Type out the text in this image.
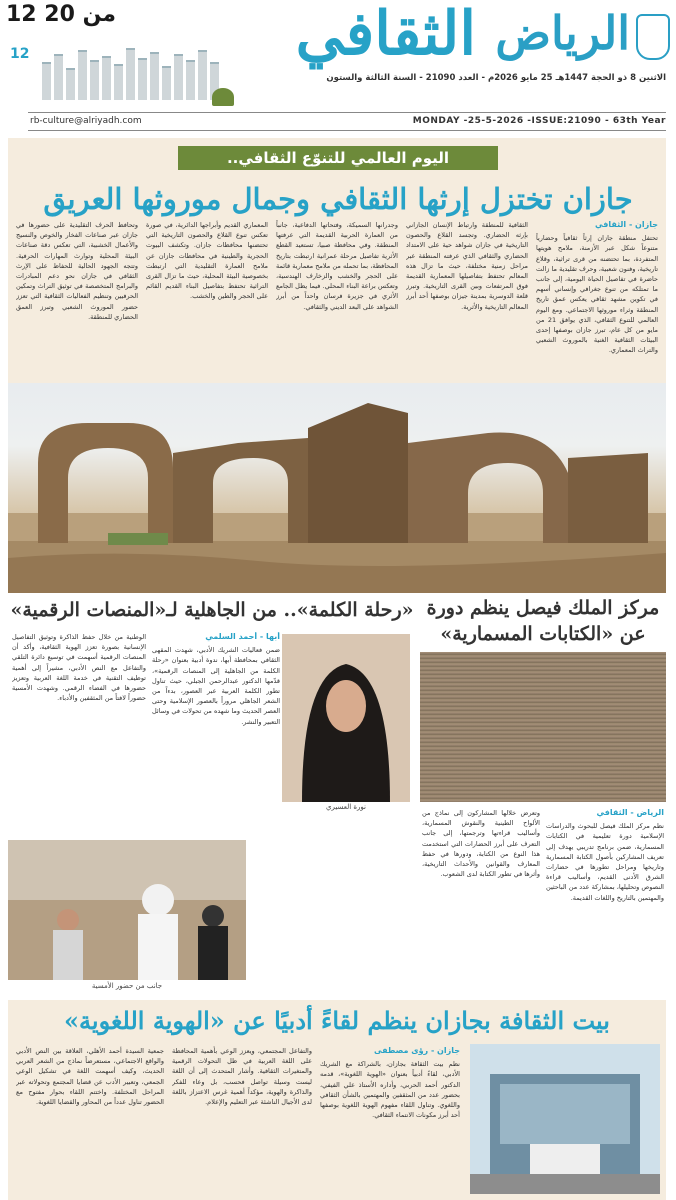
12 من 20
12	الثقافي الرياض
الاثنين 8 ذو الحجة 1447هـ 25 مايو 2026م - العدد 21090 - السنة الثالثة والستون
MONDAY -25-5-2026 -ISSUE:21090 - 63th Year
rb-culture@alriyadh.com
اليوم العالمي للتنوّع الثقافي..
جازان تختزل إرثها الثقافي وجمال موروثها العريق
جازان - الثقافي
تحتفل منطقة جازان إرثاً ثقافياً وحضارياً متنوعاً شكل عبر الأزمنة، ملامح هويتها المتفردة، بما تحتضنه من قرى تراثية، وقلاع تاريخية، وفنون شعبية، وحرف تقليدية ما زالت حاضرة في تفاصيل الحياة اليومية، إلى جانب ما تمتلكه من تنوع جغرافي وإنساني أسهم في تكوين مشهد ثقافي يعكس عمق تاريخ المنطقة وثراء موروثها الاجتماعي. ومع اليوم العالمي للتنوع الثقافي، الذي يوافق 21 من مايو من كل عام، تبرز جازان بوصفها إحدى البيئات الثقافية الغنية بالموروث الشعبي والتراث المعماري.
الثقافية للمنطقة وارتباط الإنسان الجازاني بإرثه الحضاري. وتجسد القلاع والحصون التاريخية في جازان شواهد حية على الامتداد الحضاري والثقافي الذي عرفته المنطقة عبر مراحل زمنية مختلفة، حيث ما تزال هذه المعالم تحتفظ بتفاصيلها المعمارية القديمة فوق المرتفعات وبين القرى التاريخية. وتبرز قلعة الدوسرية بمدينة جيزان بوصفها أحد أبرز المعالم التاريخية والأثرية.
وجدرانها السميكة، وفتحاتها الدفاعية، جانباً من العمارة الحربية القديمة التي عرفتها المنطقة. وفي محافظة صبيا، تستعيد القطع الأثرية تفاصيل مرحلة عمرانية ارتبطت بتاريخ المحافظة، بما تحمله من ملامح معمارية قائمة على الحجر والخشب والزخارف الهندسية، وتعكس براعة البناء المحلي. فيما يظل الجامع الأثري في جزيرة فرسان واحداً من أبرز الشواهد على البعد الديني والثقافي.
المعماري القديم وأبراجها الدائرية، في صورة تعكس تنوع القلاع والحصون التاريخية التي تحتضنها محافظات جازان. وتكشف البيوت الحجرية والطينية في محافظات جازان عن ملامح العمارة التقليدية التي ارتبطت بخصوصية البيئة المحلية، حيث ما تزال القرى التراثية تحتفظ بتفاصيل البناء القديم القائم على الحجر والطين والخشب.
وتحافظ الحرف التقليدية على حضورها في جازان عبر صناعات الفخار والخوص والنسيج والأعمال الخشبية، التي تعكس دقة صناعات البيئة المحلية وتوارث المهارات الحرفية. وتتجه الجهود الحالية للحفاظ على الإرث الثقافي في جازان نحو دعم المبادرات والبرامج المتخصصة في توثيق التراث وتمكين الحرفيين وتنظيم الفعاليات الثقافية التي تعزز حضور الموروث الشعبي وتبرز العمق الحضاري للمنطقة.
«رحلة الكلمة».. من الجاهلية لـ«المنصات الرقمية»
أبها - أحمد السلمي
ضمن فعاليات الشريك الأدبي، شهدت المقهى الثقافي بمحافظة أبها، ندوة أدبية بعنوان «رحلة الكلمة من الجاهلية إلى المنصات الرقمية»، قدّمها الدكتور عبدالرحمن الجبلي، حيث تناول تطور الكلمة العربية عبر العصور، بدءاً من الشعر الجاهلي مروراً بالعصور الإسلامية وحتى العصر الحديث وما شهده من تحولات في وسائل التعبير والنشر.
الوطنية من خلال حفظ الذاكرة وتوثيق التفاصيل الإنسانية بصورة تعزز الهوية الثقافية، وأكد أن المنصات الرقمية أسهمت في توسيع دائرة التلقي والتفاعل مع النص الأدبي، مشيراً إلى أهمية توظيف التقنية في خدمة اللغة العربية وتعزيز حضورها في الفضاء الرقمي. وشهدت الأمسية حضوراً لافتاً من المثقفين والأدباء.
نورة العسيري
جانب من حضور الأمسية
مركز الملك فيصل ينظم دورة عن «الكتابات المسمارية»
الرياض - الثقافي
نظم مركز الملك فيصل للبحوث والدراسات الإسلامية دورة تعليمية في الكتابات المسمارية، ضمن برنامج تدريبي يهدف إلى تعريف المشاركين بأصول الكتابة المسمارية وتاريخها ومراحل تطورها في حضارات الشرق الأدنى القديم، وأساليب قراءة النصوص وتحليلها، بمشاركة عدد من الباحثين والمهتمين بالتاريخ واللغات القديمة.
وتعرض خلالها المشاركون إلى نماذج من الألواح الطينية والنقوش المسمارية، وأساليب قراءتها وترجمتها، إلى جانب التعرف على أبرز الحضارات التي استخدمت هذا النوع من الكتابة، ودورها في حفظ المعارف والقوانين والأحداث التاريخية، وأثرها في تطور الكتابة لدى الشعوب.
بيت الثقافة بجازان ينظم لقاءً أدبيًا عن «الهوية اللغوية»
جازان - رؤى مصطفى
نظم بيت الثقافة بجازان، بالشراكة مع الشريك الأدبي، لقاءً أدبياً بعنوان «الهوية اللغوية»، قدمه الدكتور أحمد الحربي، وأداره الأستاذ علي الفيفي، بحضور عدد من المثقفين والمهتمين بالشأن الثقافي واللغوي. وتناول اللقاء مفهوم الهوية اللغوية بوصفها أحد أبرز مكونات الانتماء الثقافي.
والتفاعل المجتمعي، ويعزز الوعي بأهمية المحافظة على اللغة العربية في ظل التحولات الرقمية والمتغيرات الثقافية. وأشار المتحدث إلى أن اللغة ليست وسيلة تواصل فحسب، بل وعاء للفكر والذاكرة والهوية، مؤكداً أهمية غرس الاعتزاز باللغة لدى الأجيال الناشئة عبر التعليم والإعلام.
جمعية السيدة أحمد الأهلي، العلاقة بين النص الأدبي والواقع الاجتماعي، مستعرضاً نماذج من الشعر العربي الحديث، وكيف أسهمت اللغة في تشكيل الوعي الجمعي، وتعبير الأدب عن قضايا المجتمع وتحولاته عبر المراحل المختلفة. واختتم اللقاء بحوار مفتوح مع الحضور تناول عدداً من المحاور والقضايا اللغوية.
